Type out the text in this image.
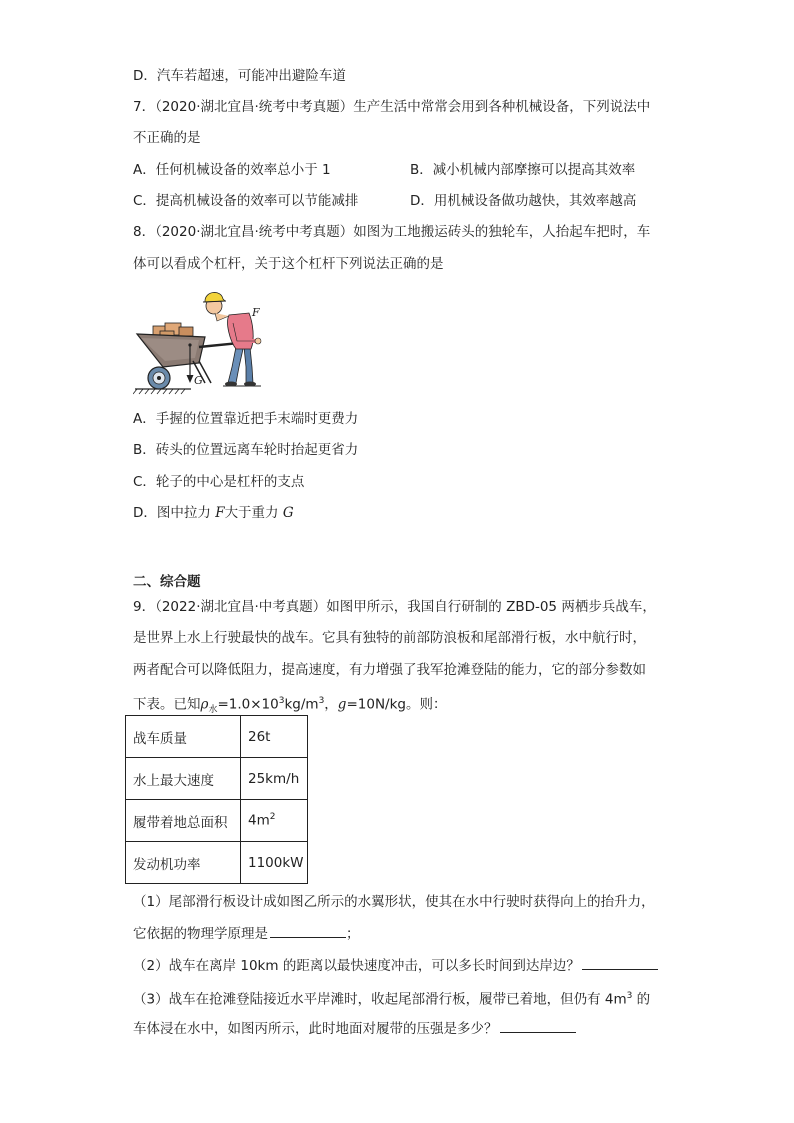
D．汽车若超速，可能冲出避险车道
7．（2020·湖北宜昌·统考中考真题）生产生活中常常会用到各种机械设备，下列说法中
不正确的是
A．任何机械设备的效率总小于 1	B．减小机械内部摩擦可以提高其效率
C．提高机械设备的效率可以节能减排	D．用机械设备做功越快，其效率越高
8．（2020·湖北宜昌·统考中考真题）如图为工地搬运砖头的独轮车，人抬起车把时，车
体可以看成个杠杆，关于这个杠杆下列说法正确的是
G
F
A．手握的位置靠近把手末端时更费力
B．砖头的位置远离车轮时抬起更省力
C．轮子的中心是杠杆的支点
D．图中拉力 F大于重力 G
二、综合题
9．（2022·湖北宜昌·中考真题）如图甲所示，我国自行研制的 ZBD-05 两栖步兵战车，
是世界上水上行驶最快的战车。它具有独特的前部防浪板和尾部滑行板，水中航行时，
两者配合可以降低阻力，提高速度，有力增强了我军抢滩登陆的能力，它的部分参数如
下表。已知$\rho_水=1.0\times 10^3kg/m^3$，g=10N/kg。则：
战车质量	26t
水上最大速度	25km/h
履带着地总面积	$4m^2$
发动机功率	1100kW
（1）尾部滑行板设计成如图乙所示的水翼形状，使其在水中行驶时获得向上的抬升力，
它依据的物理学原理是	；
（2）战车在离岸 10km 的距离以最快速度冲击，可以多长时间到达岸边？
（3）战车在抢滩登陆接近水平岸滩时，收起尾部滑行板，履带已着地，但仍有 $4m^3$ 的
车体浸在水中，如图丙所示，此时地面对履带的压强是多少？
